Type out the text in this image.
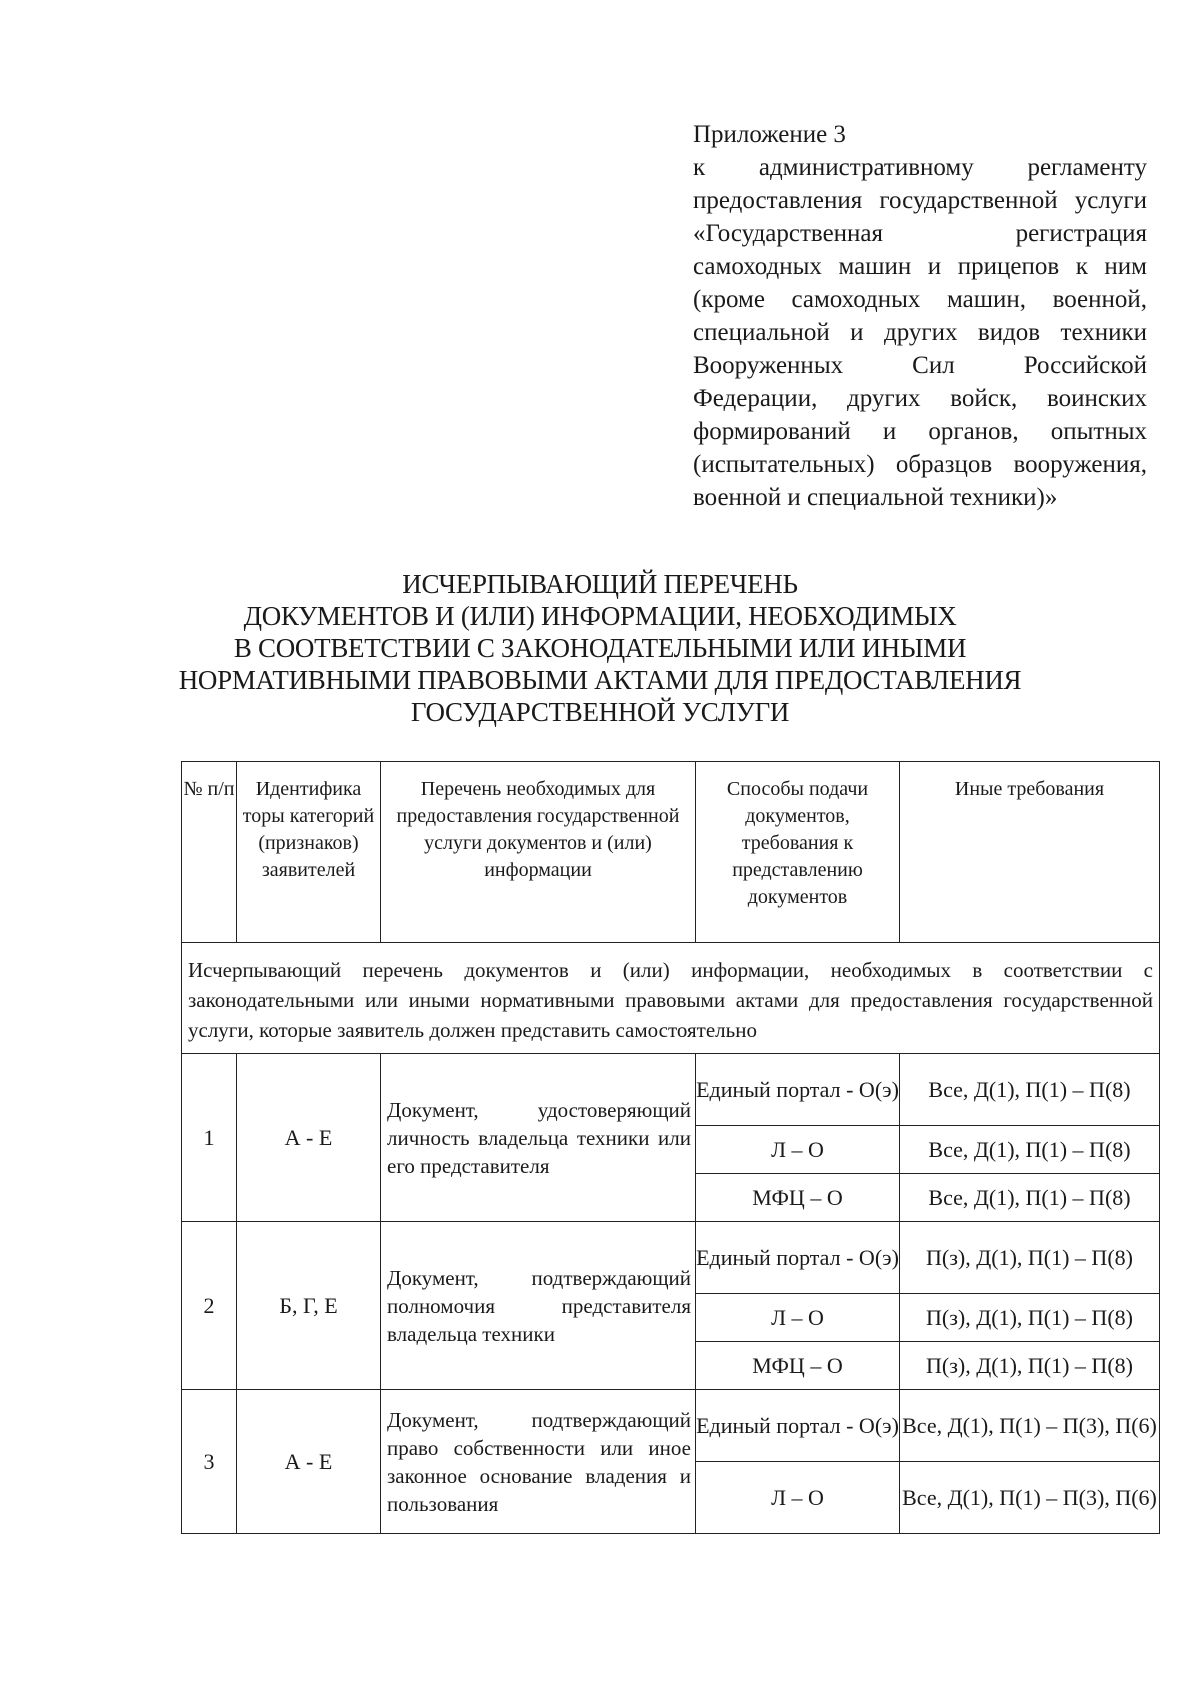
Приложение 3
к административному регламенту предоставления государственной услуги «Государственная регистрация самоходных машин и прицепов к ним (кроме самоходных машин, военной, специальной и других видов техники Вооруженных Сил Российской Федерации, других войск, воинских формирований и органов, опытных (испытательных) образцов вооружения, военной и специальной техники)»
ИСЧЕРПЫВАЮЩИЙ ПЕРЕЧЕНЬ
ДОКУМЕНТОВ И (ИЛИ) ИНФОРМАЦИИ, НЕОБХОДИМЫХ
В СООТВЕТСТВИИ С ЗАКОНОДАТЕЛЬНЫМИ ИЛИ ИНЫМИ
НОРМАТИВНЫМИ ПРАВОВЫМИ АКТАМИ ДЛЯ ПРЕДОСТАВЛЕНИЯ
ГОСУДАРСТВЕННОЙ УСЛУГИ
№ п/п	Идентифика торы категорий (признаков) заявителей	Перечень необходимых для предоставления государственной услуги документов и (или) информации	Способы подачи документов, требования к представлению документов	Иные требования
Исчерпывающий перечень документов и (или) информации, необходимых в соответствии с законодательными или иными нормативными правовыми актами для предоставления государственной услуги, которые заявитель должен представить самостоятельно				
1	А - Е	Документ, удостоверяющий личность владельца техники или его представителя	Единый портал - О(э)	Все, Д(1), П(1) – П(8)
			Л – О	Все, Д(1), П(1) – П(8)
			МФЦ – О	Все, Д(1), П(1) – П(8)
2	Б, Г, Е	Документ, подтверждающий полномочия представителя владельца техники	Единый портал - О(э)	П(з), Д(1), П(1) – П(8)
			Л – О	П(з), Д(1), П(1) – П(8)
			МФЦ – О	П(з), Д(1), П(1) – П(8)
3	А - Е	Документ, подтверждающий право собственности или иное законное основание владения и пользования	Единый портал - О(э)	Все, Д(1), П(1) – П(3), П(6)
			Л – О	Все, Д(1), П(1) – П(3), П(6)
